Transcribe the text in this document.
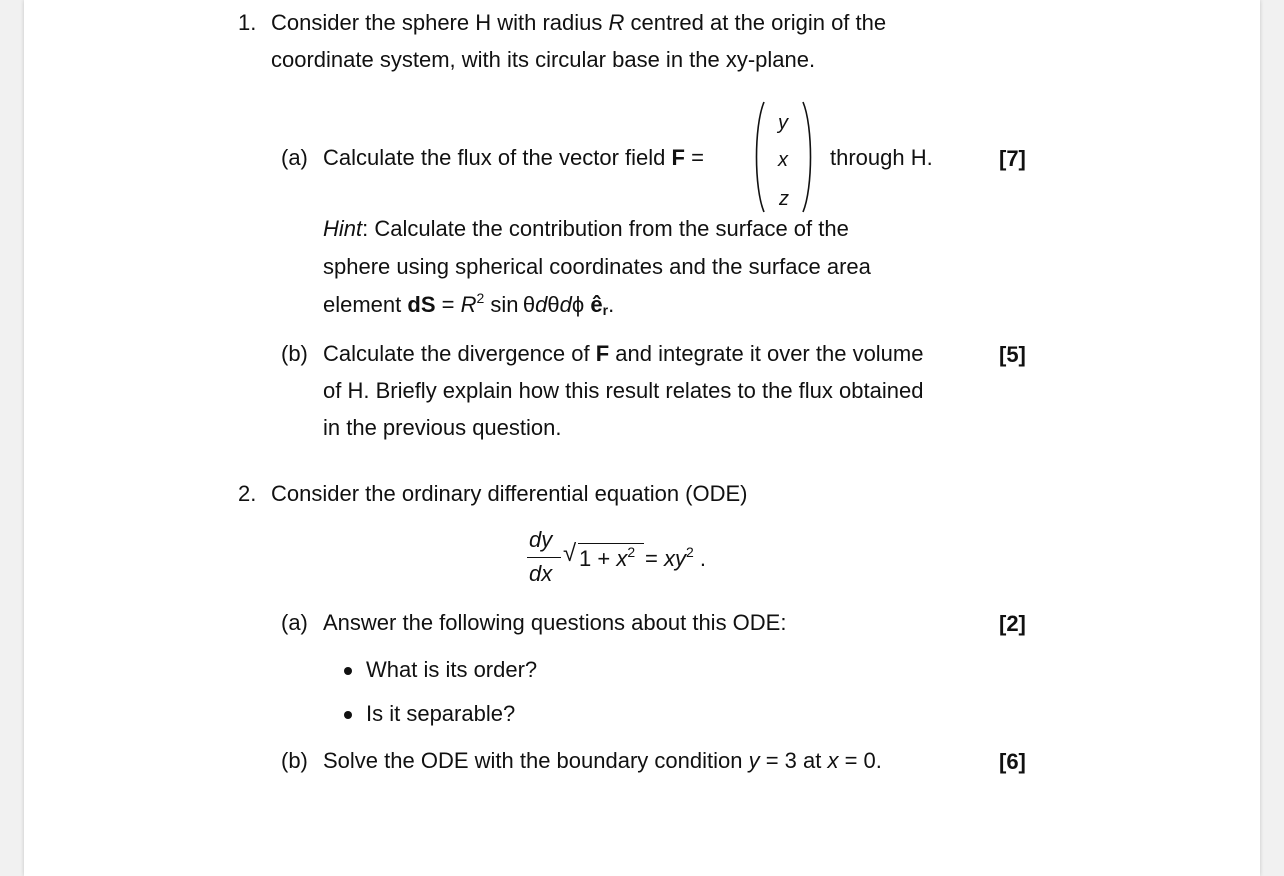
1. Consider the sphere H with radius R centred at the origin of the
coordinate system, with its circular base in the xy-plane.
(a) Calculate the flux of the vector field F =
y
x
z
through H.	[7]
Hint: Calculate the contribution from the surface of the
sphere using spherical coordinates and the surface area
element dS = $R^2$ sin θdθdϕ $ê_r$.
(b) Calculate the divergence of F and integrate it over the volume	[5]
of H. Briefly explain how this result relates to the flux obtained
in the previous question.
2. Consider the ordinary differential equation (ODE)
dy
dx
√ $1 + x^2 = xy^2$ .
(a) Answer the following questions about this ODE:	[2]
What is its order?
Is it separable?
(b) Solve the ODE with the boundary condition y = 3 at x = 0.	[6]
